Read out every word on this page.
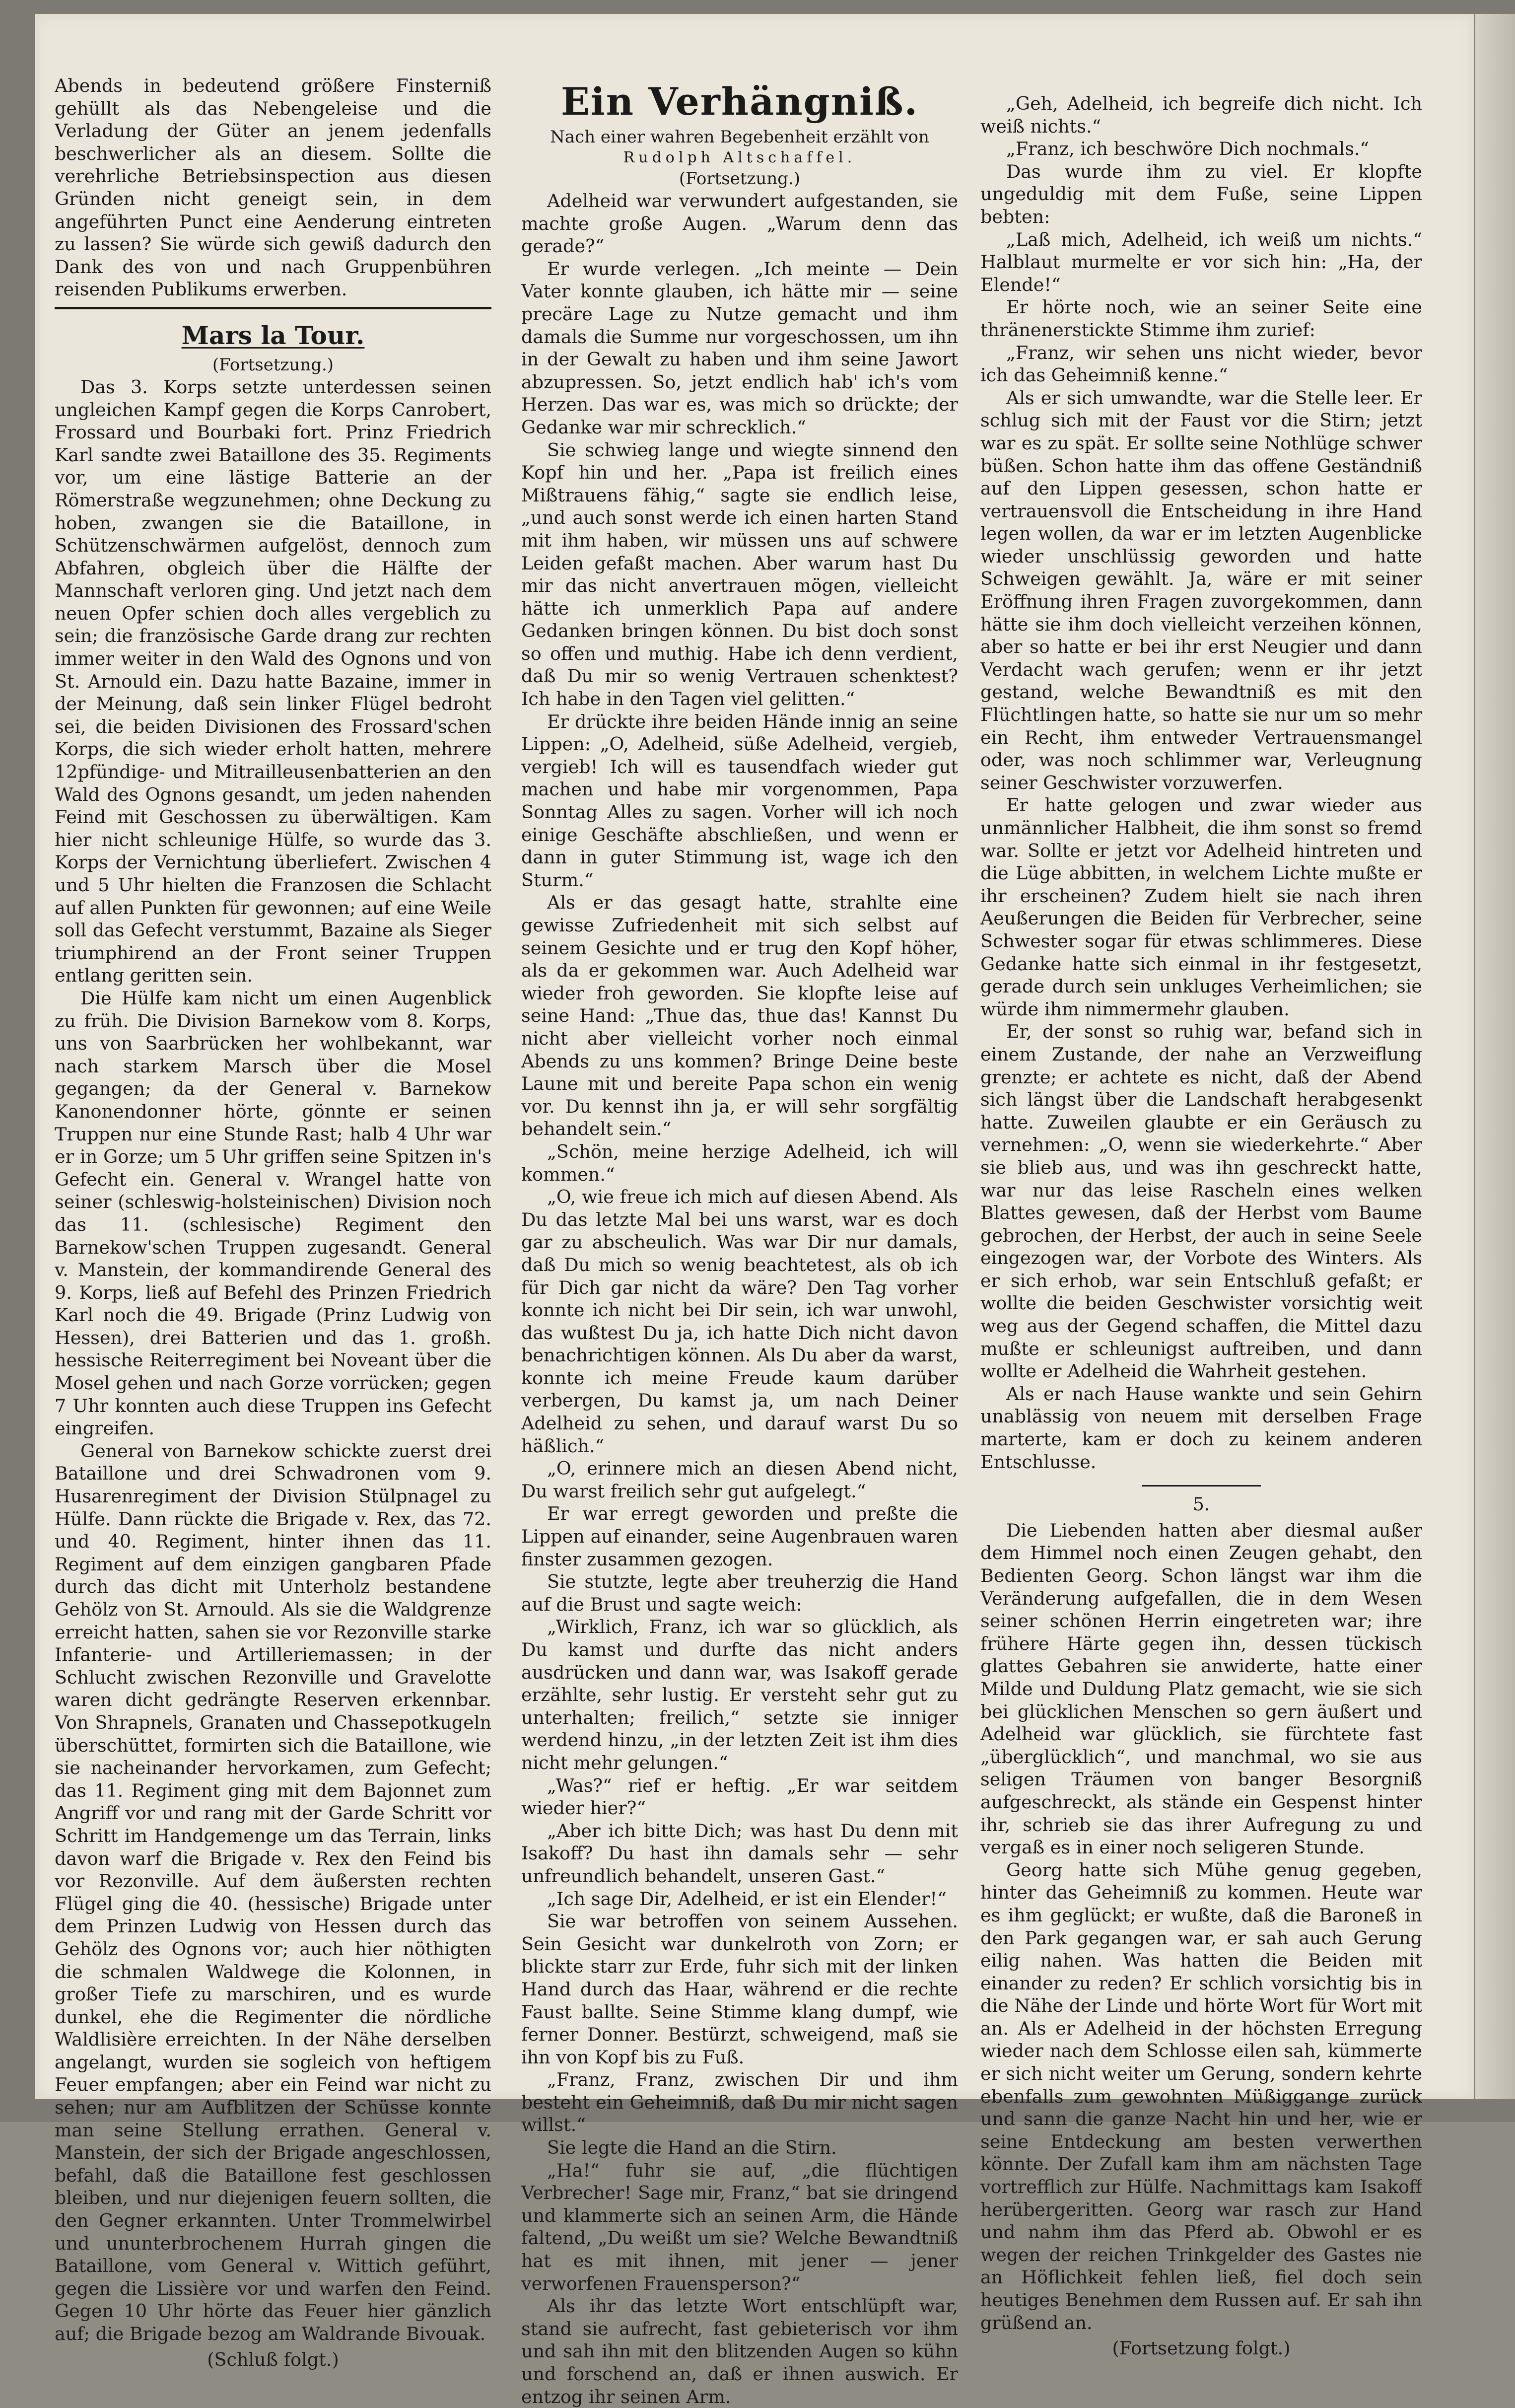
Abends in bedeutend größere Finsterniß gehüllt als das Nebengeleise und die Verladung der Güter an jenem jedenfalls beschwerlicher als an diesem. Sollte die verehrliche Betriebsinspection aus diesen Gründen nicht geneigt sein, in dem angeführten Punct eine Aenderung eintreten zu lassen? Sie würde sich gewiß dadurch den Dank des von und nach Gruppenbühren reisenden Publikums erwerben.

Mars la Tour.
(Fortsetzung.)

Das 3. Korps setzte unterdessen seinen ungleichen Kampf gegen die Korps Canrobert, Frossard und Bourbaki fort. Prinz Friedrich Karl sandte zwei Bataillone des 35. Regiments vor, um eine lästige Batterie an der Römerstraße wegzunehmen; ohne Deckung zu hoben, zwangen sie die Bataillone, in Schützenschwärmen aufgelöst, dennoch zum Abfahren, obgleich über die Hälfte der Mannschaft verloren ging. Und jetzt nach dem neuen Opfer schien doch alles vergeblich zu sein; die französische Garde drang zur rechten immer weiter in den Wald des Ognons und von St. Arnould ein. Dazu hatte Bazaine, immer in der Meinung, daß sein linker Flügel bedroht sei, die beiden Divisionen des Frossard'schen Korps, die sich wieder erholt hatten, mehrere 12pfündige- und Mitrailleusenbatterien an den Wald des Ognons gesandt, um jeden nahenden Feind mit Geschossen zu überwältigen. Kam hier nicht schleunige Hülfe, so wurde das 3. Korps der Vernichtung überliefert. Zwischen 4 und 5 Uhr hielten die Franzosen die Schlacht auf allen Punkten für gewonnen; auf eine Weile soll das Gefecht verstummt, Bazaine als Sieger triumphirend an der Front seiner Truppen entlang geritten sein.

Die Hülfe kam nicht um einen Augenblick zu früh. Die Division Barnekow vom 8. Korps, uns von Saarbrücken her wohlbekannt, war nach starkem Marsch über die Mosel gegangen; da der General v. Barnekow Kanonendonner hörte, gönnte er seinen Truppen nur eine Stunde Rast; halb 4 Uhr war er in Gorze; um 5 Uhr griffen seine Spitzen in's Gefecht ein. General v. Wrangel hatte von seiner (schleswig-holsteinischen) Division noch das 11. (schlesische) Regiment den Barnekow'schen Truppen zugesandt. General v. Manstein, der kommandirende General des 9. Korps, ließ auf Befehl des Prinzen Friedrich Karl noch die 49. Brigade (Prinz Ludwig von Hessen), drei Batterien und das 1. großh. hessische Reiterregiment bei Noveant über die Mosel gehen und nach Gorze vorrücken; gegen 7 Uhr konnten auch diese Truppen ins Gefecht eingreifen.

General von Barnekow schickte zuerst drei Bataillone und drei Schwadronen vom 9. Husarenregiment der Division Stülpnagel zu Hülfe. Dann rückte die Brigade v. Rex, das 72. und 40. Regiment, hinter ihnen das 11. Regiment auf dem einzigen gangbaren Pfade durch das dicht mit Unterholz bestandene Gehölz von St. Arnould. Als sie die Waldgrenze erreicht hatten, sahen sie vor Rezonville starke Infanterie- und Artilleriemassen; in der Schlucht zwischen Rezonville und Gravelotte waren dicht gedrängte Reserven erkennbar. Von Shrapnels, Granaten und Chassepotkugeln überschüttet, formirten sich die Bataillone, wie sie nacheinander hervorkamen, zum Gefecht; das 11. Regiment ging mit dem Bajonnet zum Angriff vor und rang mit der Garde Schritt vor Schritt im Handgemenge um das Terrain, links davon warf die Brigade v. Rex den Feind bis vor Rezonville. Auf dem äußersten rechten Flügel ging die 40. (hessische) Brigade unter dem Prinzen Ludwig von Hessen durch das Gehölz des Ognons vor; auch hier nöthigten die schmalen Waldwege die Kolonnen, in großer Tiefe zu marschiren, und es wurde dunkel, ehe die Regimenter die nördliche Waldlisière erreichten. In der Nähe derselben angelangt, wurden sie sogleich von heftigem Feuer empfangen; aber ein Feind war nicht zu sehen; nur am Aufblitzen der Schüsse konnte man seine Stellung errathen. General v. Manstein, der sich der Brigade angeschlossen, befahl, daß die Bataillone fest geschlossen bleiben, und nur diejenigen feuern sollten, die den Gegner erkannten. Unter Trommelwirbel und ununterbrochenem Hurrah gingen die Bataillone, vom General v. Wittich geführt, gegen die Lissière vor und warfen den Feind. Gegen 10 Uhr hörte das Feuer hier gänzlich auf; die Brigade bezog am Waldrande Bivouak.

(Schluß folgt.)
Ein Verhängniß.
Nach einer wahren Begebenheit erzählt von
Rudolph Altschaffel.
(Fortsetzung.)

Adelheid war verwundert aufgestanden, sie machte große Augen. „Warum denn das gerade?“

Er wurde verlegen. „Ich meinte — Dein Vater konnte glauben, ich hätte mir — seine precäre Lage zu Nutze gemacht und ihm damals die Summe nur vorgeschossen, um ihn in der Gewalt zu haben und ihm seine Jawort abzupressen. So, jetzt endlich hab' ich's vom Herzen. Das war es, was mich so drückte; der Gedanke war mir schrecklich.“

Sie schwieg lange und wiegte sinnend den Kopf hin und her. „Papa ist freilich eines Mißtrauens fähig,“ sagte sie endlich leise, „und auch sonst werde ich einen harten Stand mit ihm haben, wir müssen uns auf schwere Leiden gefaßt machen. Aber warum hast Du mir das nicht anvertrauen mögen, vielleicht hätte ich unmerklich Papa auf andere Gedanken bringen können. Du bist doch sonst so offen und muthig. Habe ich denn verdient, daß Du mir so wenig Vertrauen schenktest? Ich habe in den Tagen viel gelitten.“

Er drückte ihre beiden Hände innig an seine Lippen: „O, Adelheid, süße Adelheid, vergieb, vergieb! Ich will es tausendfach wieder gut machen und habe mir vorgenommen, Papa Sonntag Alles zu sagen. Vorher will ich noch einige Geschäfte abschließen, und wenn er dann in guter Stimmung ist, wage ich den Sturm.“

Als er das gesagt hatte, strahlte eine gewisse Zufriedenheit mit sich selbst auf seinem Gesichte und er trug den Kopf höher, als da er gekommen war. Auch Adelheid war wieder froh geworden. Sie klopfte leise auf seine Hand: „Thue das, thue das! Kannst Du nicht aber vielleicht vorher noch einmal Abends zu uns kommen? Bringe Deine beste Laune mit und bereite Papa schon ein wenig vor. Du kennst ihn ja, er will sehr sorgfältig behandelt sein.“

„Schön, meine herzige Adelheid, ich will kommen.“

„O, wie freue ich mich auf diesen Abend. Als Du das letzte Mal bei uns warst, war es doch gar zu abscheulich. Was war Dir nur damals, daß Du mich so wenig beachtetest, als ob ich für Dich gar nicht da wäre? Den Tag vorher konnte ich nicht bei Dir sein, ich war unwohl, das wußtest Du ja, ich hatte Dich nicht davon benachrichtigen können. Als Du aber da warst, konnte ich meine Freude kaum darüber verbergen, Du kamst ja, um nach Deiner Adelheid zu sehen, und darauf warst Du so häßlich.“

„O, erinnere mich an diesen Abend nicht, Du warst freilich sehr gut aufgelegt.“

Er war erregt geworden und preßte die Lippen auf einander, seine Augenbrauen waren finster zusammen gezogen.

Sie stutzte, legte aber treuherzig die Hand auf die Brust und sagte weich:

„Wirklich, Franz, ich war so glücklich, als Du kamst und durfte das nicht anders ausdrücken und dann war, was Isakoff gerade erzählte, sehr lustig. Er versteht sehr gut zu unterhalten; freilich,“ setzte sie inniger werdend hinzu, „in der letzten Zeit ist ihm dies nicht mehr gelungen.“

„Was?“ rief er heftig. „Er war seitdem wieder hier?“

„Aber ich bitte Dich; was hast Du denn mit Isakoff? Du hast ihn damals sehr — sehr unfreundlich behandelt, unseren Gast.“

„Ich sage Dir, Adelheid, er ist ein Elender!“

Sie war betroffen von seinem Aussehen. Sein Gesicht war dunkelroth von Zorn; er blickte starr zur Erde, fuhr sich mit der linken Hand durch das Haar, während er die rechte Faust ballte. Seine Stimme klang dumpf, wie ferner Donner. Bestürzt, schweigend, maß sie ihn von Kopf bis zu Fuß.

„Franz, Franz, zwischen Dir und ihm besteht ein Geheimniß, daß Du mir nicht sagen willst.“

Sie legte die Hand an die Stirn.

„Ha!“ fuhr sie auf, „die flüchtigen Verbrecher! Sage mir, Franz,“ bat sie dringend und klammerte sich an seinen Arm, die Hände faltend, „Du weißt um sie? Welche Bewandtniß hat es mit ihnen, mit jener — jener verworfenen Frauensperson?“

Als ihr das letzte Wort entschlüpft war, stand sie aufrecht, fast gebieterisch vor ihm und sah ihn mit den blitzenden Augen so kühn und forschend an, daß er ihnen auswich. Er entzog ihr seinen Arm.

„Geh, Adelheid, ich begreife dich nicht. Ich weiß nichts.“

„Franz, ich beschwöre Dich nochmals.“

Das wurde ihm zu viel. Er klopfte ungeduldig mit dem Fuße, seine Lippen bebten:

„Laß mich, Adelheid, ich weiß um nichts.“ Halblaut murmelte er vor sich hin: „Ha, der Elende!“

Er hörte noch, wie an seiner Seite eine thränenerstickte Stimme ihm zurief:

„Franz, wir sehen uns nicht wieder, bevor ich das Geheimniß kenne.“

Als er sich umwandte, war die Stelle leer. Er schlug sich mit der Faust vor die Stirn; jetzt war es zu spät. Er sollte seine Nothlüge schwer büßen. Schon hatte ihm das offene Geständniß auf den Lippen gesessen, schon hatte er vertrauensvoll die Entscheidung in ihre Hand legen wollen, da war er im letzten Augenblicke wieder unschlüssig geworden und hatte Schweigen gewählt. Ja, wäre er mit seiner Eröffnung ihren Fragen zuvorgekommen, dann hätte sie ihm doch vielleicht verzeihen können, aber so hatte er bei ihr erst Neugier und dann Verdacht wach gerufen; wenn er ihr jetzt gestand, welche Bewandtniß es mit den Flüchtlingen hatte, so hatte sie nur um so mehr ein Recht, ihm entweder Vertrauensmangel oder, was noch schlimmer war, Verleugnung seiner Geschwister vorzuwerfen.

Er hatte gelogen und zwar wieder aus unmännlicher Halbheit, die ihm sonst so fremd war. Sollte er jetzt vor Adelheid hintreten und die Lüge abbitten, in welchem Lichte mußte er ihr erscheinen? Zudem hielt sie nach ihren Aeußerungen die Beiden für Verbrecher, seine Schwester sogar für etwas schlimmeres. Diese Gedanke hatte sich einmal in ihr festgesetzt, gerade durch sein unkluges Verheimlichen; sie würde ihm nimmermehr glauben.

Er, der sonst so ruhig war, befand sich in einem Zustande, der nahe an Verzweiflung grenzte; er achtete es nicht, daß der Abend sich längst über die Landschaft herabgesenkt hatte. Zuweilen glaubte er ein Geräusch zu vernehmen: „O, wenn sie wiederkehrte.“ Aber sie blieb aus, und was ihn geschreckt hatte, war nur das leise Rascheln eines welken Blattes gewesen, daß der Herbst vom Baume gebrochen, der Herbst, der auch in seine Seele eingezogen war, der Vorbote des Winters. Als er sich erhob, war sein Entschluß gefaßt; er wollte die beiden Geschwister vorsichtig weit weg aus der Gegend schaffen, die Mittel dazu mußte er schleunigst auftreiben, und dann wollte er Adelheid die Wahrheit gestehen.

Als er nach Hause wankte und sein Gehirn unablässig von neuem mit derselben Frage marterte, kam er doch zu keinem anderen Entschlusse.

5.

Die Liebenden hatten aber diesmal außer dem Himmel noch einen Zeugen gehabt, den Bedienten Georg. Schon längst war ihm die Veränderung aufgefallen, die in dem Wesen seiner schönen Herrin eingetreten war; ihre frühere Härte gegen ihn, dessen tückisch glattes Gebahren sie anwiderte, hatte einer Milde und Duldung Platz gemacht, wie sie sich bei glücklichen Menschen so gern äußert und Adelheid war glücklich, sie fürchtete fast „überglücklich“, und manchmal, wo sie aus seligen Träumen von banger Besorgniß aufgeschreckt, als stände ein Gespenst hinter ihr, schrieb sie das ihrer Aufregung zu und vergaß es in einer noch seligeren Stunde.

Georg hatte sich Mühe genug gegeben, hinter das Geheimniß zu kommen. Heute war es ihm geglückt; er wußte, daß die Baroneß in den Park gegangen war, er sah auch Gerung eilig nahen. Was hatten die Beiden mit einander zu reden? Er schlich vorsichtig bis in die Nähe der Linde und hörte Wort für Wort mit an. Als er Adelheid in der höchsten Erregung wieder nach dem Schlosse eilen sah, kümmerte er sich nicht weiter um Gerung, sondern kehrte ebenfalls zum gewohnten Müßiggange zurück und sann die ganze Nacht hin und her, wie er seine Entdeckung am besten verwerthen könnte. Der Zufall kam ihm am nächsten Tage vortrefflich zur Hülfe. Nachmittags kam Isakoff herübergeritten. Georg war rasch zur Hand und nahm ihm das Pferd ab. Obwohl er es wegen der reichen Trinkgelder des Gastes nie an Höflichkeit fehlen ließ, fiel doch sein heutiges Benehmen dem Russen auf. Er sah ihn grüßend an.

(Fortsetzung folgt.)
